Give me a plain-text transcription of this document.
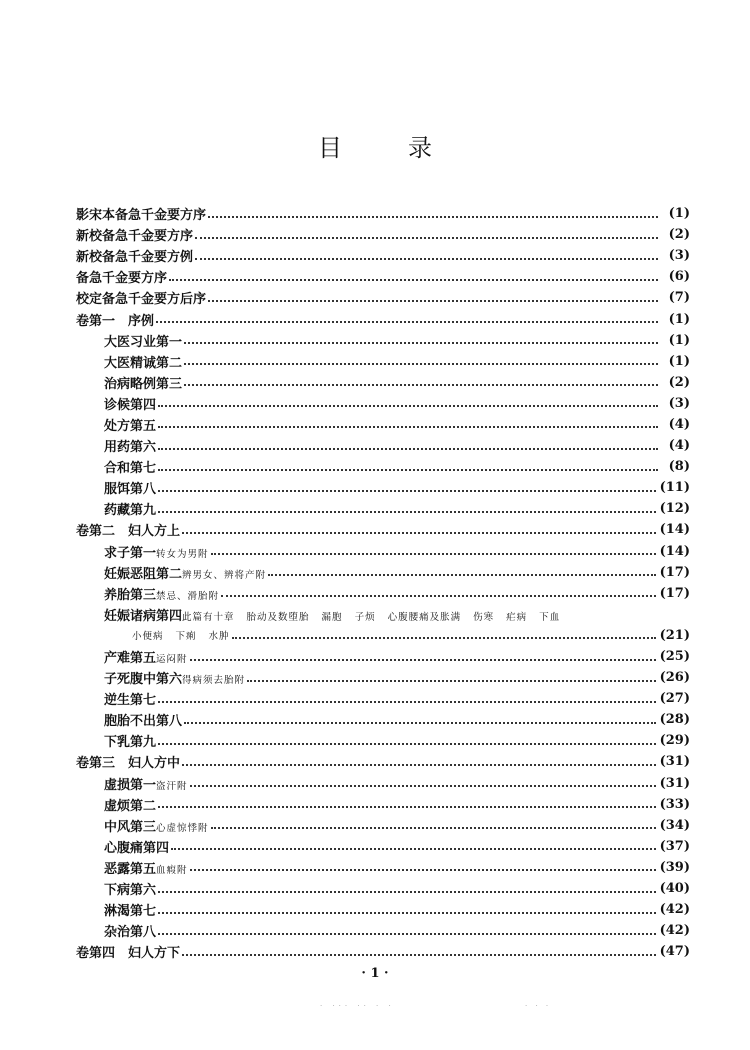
目	录
影宋本备急千金要方序	(1)
新校备急千金要方序	(2)
新校备急千金要方例	(3)
备急千金要方序	(6)
校定备急千金要方后序	(7)
卷第一　序例	(1)
大医习业第一	(1)
大医精诚第二	(1)
治病略例第三	(2)
诊候第四	(3)
处方第五	(4)
用药第六	(4)
合和第七	(8)
服饵第八	(11)
药藏第九	(12)
卷第二　妇人方上	(14)
求子第一转女为男附	(14)
妊娠恶阻第二辨男女、辨将产附	(17)
养胎第三禁忌、滑胎附	(17)
妊娠诸病第四此篇有十章 胎动及数堕胎 漏胞 子烦 心腹腰痛及胀满 伤寒 疟病 下血
小便病 下痢 水肿	(21)
产难第五运闷附	(25)
子死腹中第六得病须去胎附	(26)
逆生第七	(27)
胞胎不出第八	(28)
下乳第九	(29)
卷第三　妇人方中	(31)
虚损第一盗汗附	(31)
虚烦第二	(33)
中风第三心虚惊悸附	(34)
心腹痛第四	(37)
恶露第五血瘕附	(39)
下病第六	(40)
淋渴第七	(42)
杂治第八	(42)
卷第四　妇人方下	(47)
· 1 ·
. ... .. . .	. . .
